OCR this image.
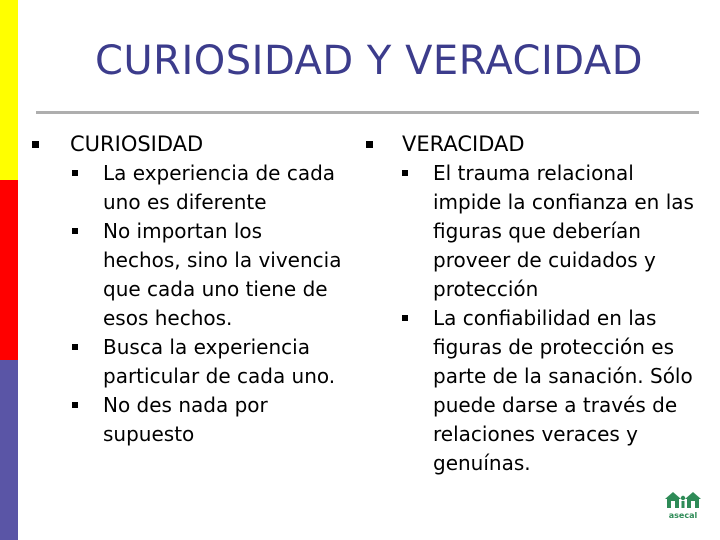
CURIOSIDAD Y VERACIDAD
CURIOSIDAD
La experiencia de cada uno es diferente
No importan los hechos, sino la vivencia que cada uno tiene de esos hechos.
Busca la experiencia particular de cada uno.
No des nada por supuesto
VERACIDAD
El trauma relacional impide la confianza en las figuras que deberían proveer de cuidados y protección
La confiabilidad en las figuras de protección es parte de la sanación. Sólo puede darse a través de relaciones veraces y genuínas.
asecal
